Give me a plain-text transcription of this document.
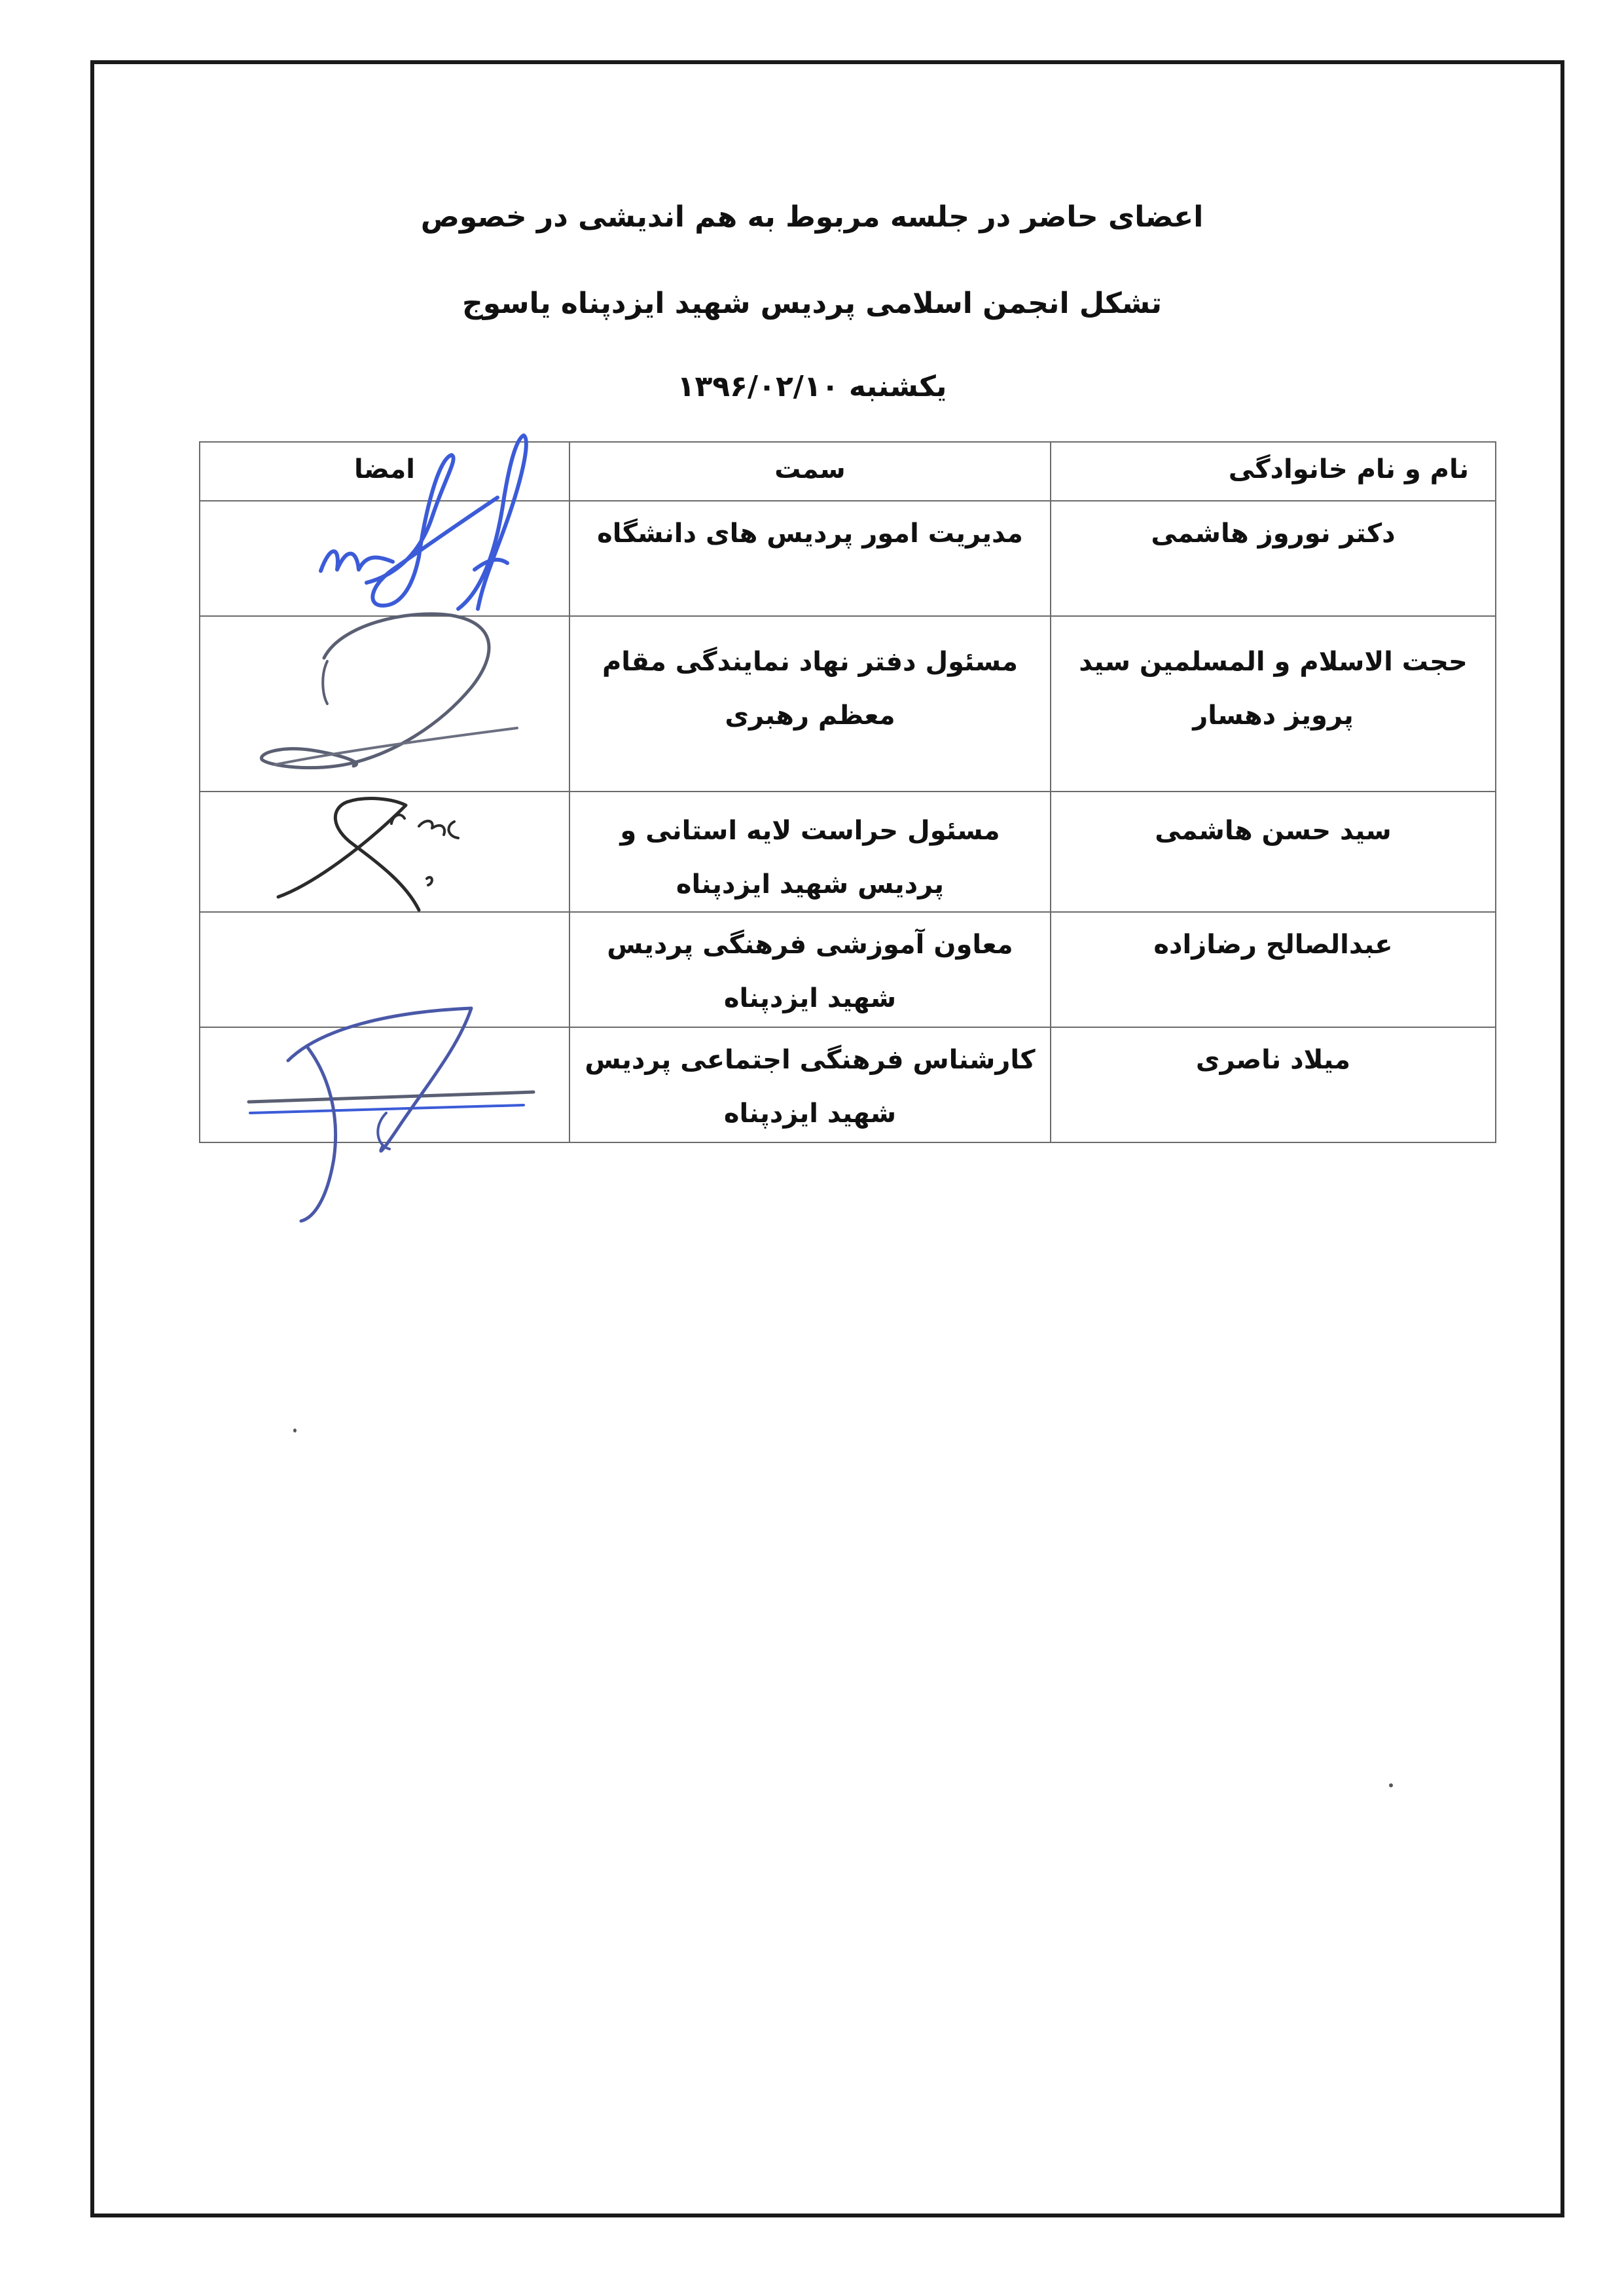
اعضای حاضر در جلسه مربوط به هم اندیشی در خصوص
تشکل انجمن اسلامی پردیس شهید ایزدپناه یاسوج
یکشنبه ۱۳۹۶/۰۲/۱۰
نام و نام خانوادگی	سمت	امضا
دکتر نوروز هاشمی	مدیریت امور پردیس های دانشگاه	
حجت الاسلام و المسلمین سید پرویز دهسار	مسئول دفتر نهاد نمایندگی مقام معظم رهبری	
سید حسن هاشمی	مسئول حراست لایه استانی و پردیس شهید ایزدپناه	
عبدالصالح رضازاده	معاون آموزشی فرهنگی پردیس شهید ایزدپناه	
میلاد ناصری	کارشناس فرهنگی اجتماعی پردیس شهید ایزدپناه	
